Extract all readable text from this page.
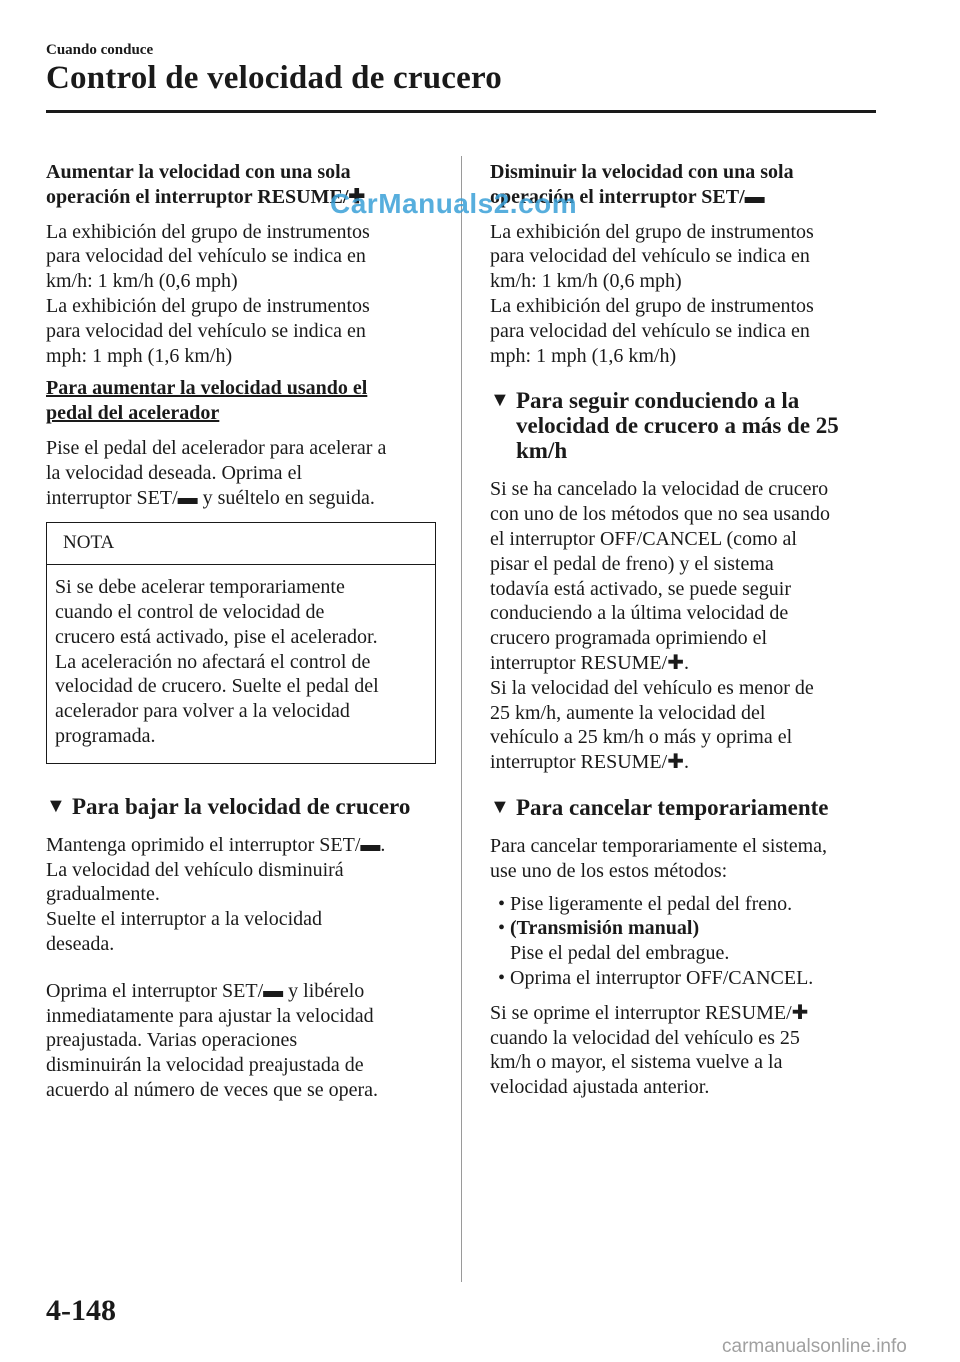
Cuando conduce
Control de velocidad de crucero
Aumentar la velocidad con una sola
operación el interruptor RESUME/✚

La exhibición del grupo de instrumentos
para velocidad del vehículo se indica en
km/h: 1 km/h (0,6 mph)
La exhibición del grupo de instrumentos
para velocidad del vehículo se indica en
mph: 1 mph (1,6 km/h)

Para aumentar la velocidad usando el
pedal del acelerador

Pise el pedal del acelerador para acelerar a
la velocidad deseada. Oprima el
interruptor SET/▬ y suéltelo en seguida.

NOTA
Si se debe acelerar temporariamente
cuando el control de velocidad de
crucero está activado, pise el acelerador.
La aceleración no afectará el control de
velocidad de crucero. Suelte el pedal del
acelerador para volver a la velocidad
programada.
▼ Para bajar la velocidad de crucero

Mantenga oprimido el interruptor SET/▬.
La velocidad del vehículo disminuirá
gradualmente.
Suelte el interruptor a la velocidad
deseada.

Oprima el interruptor SET/▬ y libérelo
inmediatamente para ajustar la velocidad
preajustada. Varias operaciones
disminuirán la velocidad preajustada de
acuerdo al número de veces que se opera.

Disminuir la velocidad con una sola
operación el interruptor SET/▬

La exhibición del grupo de instrumentos
para velocidad del vehículo se indica en
km/h: 1 km/h (0,6 mph)
La exhibición del grupo de instrumentos
para velocidad del vehículo se indica en
mph: 1 mph (1,6 km/h)

▼ Para seguir conduciendo a la
velocidad de crucero a más de 25
km/h

Si se ha cancelado la velocidad de crucero
con uno de los métodos que no sea usando
el interruptor OFF/CANCEL (como al
pisar el pedal de freno) y el sistema
todavía está activado, se puede seguir
conduciendo a la última velocidad de
crucero programada oprimiendo el
interruptor RESUME/✚.
Si la velocidad del vehículo es menor de
25 km/h, aumente la velocidad del
vehículo a 25 km/h o más y oprima el
interruptor RESUME/✚.

▼ Para cancelar temporariamente

Para cancelar temporariamente el sistema,
use uno de los estos métodos:

• Pise ligeramente el pedal del freno.
• (Transmisión manual)
Pise el pedal del embrague.
• Oprima el interruptor OFF/CANCEL.

Si se oprime el interruptor RESUME/✚
cuando la velocidad del vehículo es 25
km/h o mayor, el sistema vuelve a la
velocidad ajustada anterior.

CarManuals2.com
4-148
carmanualsonline.info
